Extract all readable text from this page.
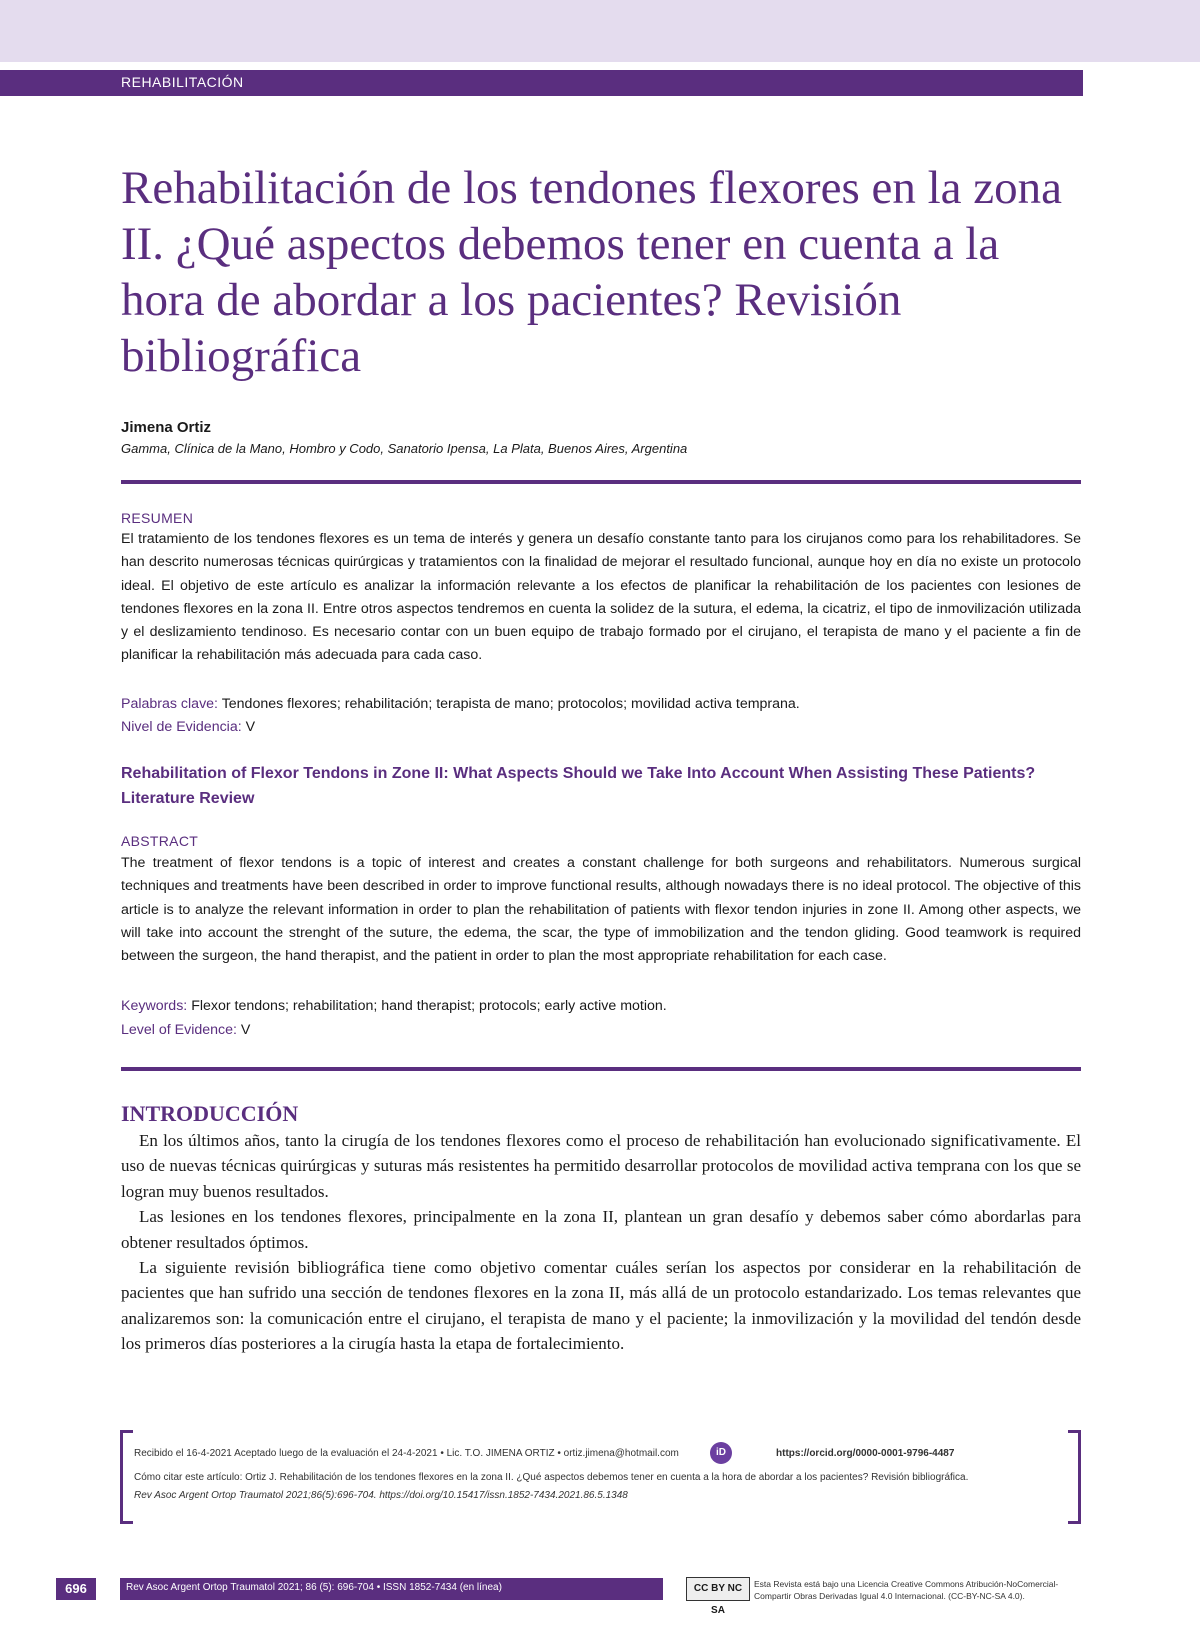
REHABILITACIÓN
Rehabilitación de los tendones flexores en la zona II. ¿Qué aspectos debemos tener en cuenta a la hora de abordar a los pacientes? Revisión bibliográfica
Jimena Ortiz
Gamma, Clínica de la Mano, Hombro y Codo, Sanatorio Ipensa, La Plata, Buenos Aires, Argentina
RESUMEN

El tratamiento de los tendones flexores es un tema de interés y genera un desafío constante tanto para los cirujanos como para los rehabilitadores. Se han descrito numerosas técnicas quirúrgicas y tratamientos con la finalidad de mejorar el resultado funcional, aunque hoy en día no existe un protocolo ideal. El objetivo de este artículo es analizar la información relevante a los efectos de planificar la rehabilitación de los pacientes con lesiones de tendones flexores en la zona II. Entre otros aspectos tendremos en cuenta la solidez de la sutura, el edema, la cicatriz, el tipo de inmovilización utilizada y el deslizamiento tendinoso. Es necesario contar con un buen equipo de trabajo formado por el cirujano, el terapista de mano y el paciente a fin de planificar la rehabilitación más adecuada para cada caso.

Palabras clave: Tendones flexores; rehabilitación; terapista de mano; protocolos; movilidad activa temprana.
Nivel de Evidencia: V
Rehabilitation of Flexor Tendons in Zone II: What Aspects Should we Take Into Account When Assisting These Patients? Literature Review
ABSTRACT

The treatment of flexor tendons is a topic of interest and creates a constant challenge for both surgeons and rehabilitators. Numerous surgical techniques and treatments have been described in order to improve functional results, although nowadays there is no ideal protocol. The objective of this article is to analyze the relevant information in order to plan the rehabilitation of patients with flexor tendon injuries in zone II. Among other aspects, we will take into account the strenght of the suture, the edema, the scar, the type of immobilization and the tendon gliding. Good teamwork is required between the surgeon, the hand therapist, and the patient in order to plan the most appropriate rehabilitation for each case.

Keywords: Flexor tendons; rehabilitation; hand therapist; protocols; early active motion.
Level of Evidence: V
INTRODUCCIÓN

En los últimos años, tanto la cirugía de los tendones flexores como el proceso de rehabilitación han evolucionado significativamente. El uso de nuevas técnicas quirúrgicas y suturas más resistentes ha permitido desarrollar protocolos de movilidad activa temprana con los que se logran muy buenos resultados.

Las lesiones en los tendones flexores, principalmente en la zona II, plantean un gran desafío y debemos saber cómo abordarlas para obtener resultados óptimos.

La siguiente revisión bibliográfica tiene como objetivo comentar cuáles serían los aspectos por considerar en la rehabilitación de pacientes que han sufrido una sección de tendones flexores en la zona II, más allá de un protocolo estandarizado. Los temas relevantes que analizaremos son: la comunicación entre el cirujano, el terapista de mano y el paciente; la inmovilización y la movilidad del tendón desde los primeros días posteriores a la cirugía hasta la etapa de fortalecimiento.

Recibido el 16-4-2021 Aceptado luego de la evaluación el 24-4-2021 • Lic. T.O. JIMENA ORTIZ • ortiz.jimena@hotmail.com	iD	https://orcid.org/0000-0001-9796-4487
Cómo citar este artículo: Ortiz J. Rehabilitación de los tendones flexores en la zona II. ¿Qué aspectos debemos tener en cuenta a la hora de abordar a los pacientes? Revisión bibliográfica.
Rev Asoc Argent Ortop Traumatol 2021;86(5):696-704. https://doi.org/10.15417/issn.1852-7434.2021.86.5.1348
696	Rev Asoc Argent Ortop Traumatol 2021; 86 (5): 696-704 • ISSN 1852-7434 (en línea)	CC BY NC SA
Esta Revista está bajo una Licencia Creative Commons Atribución-NoComercial-Compartir Obras Derivadas Igual 4.0 Internacional. (CC-BY-NC-SA 4.0).
